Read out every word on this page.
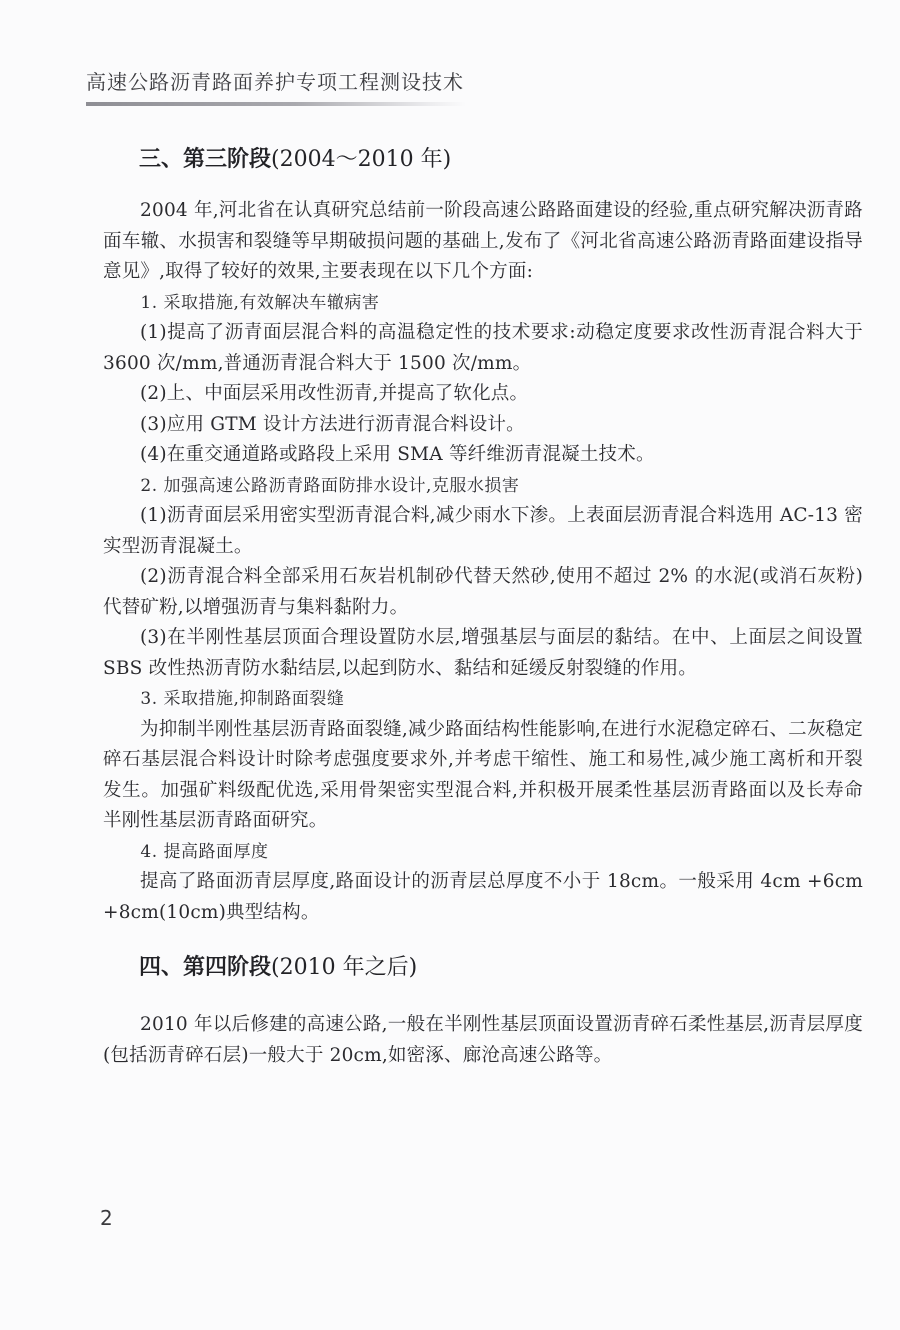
高速公路沥青路面养护专项工程测设技术
三、第三阶段(2004～2010 年)

2004 年,河北省在认真研究总结前一阶段高速公路路面建设的经验,重点研究解决沥青路面车辙、水损害和裂缝等早期破损问题的基础上,发布了《河北省高速公路沥青路面建设指导意见》,取得了较好的效果,主要表现在以下几个方面:

1. 采取措施,有效解决车辙病害

(1)提高了沥青面层混合料的高温稳定性的技术要求:动稳定度要求改性沥青混合料大于 3600 次/mm,普通沥青混合料大于 1500 次/mm。

(2)上、中面层采用改性沥青,并提高了软化点。

(3)应用 GTM 设计方法进行沥青混合料设计。

(4)在重交通道路或路段上采用 SMA 等纤维沥青混凝土技术。

2. 加强高速公路沥青路面防排水设计,克服水损害

(1)沥青面层采用密实型沥青混合料,减少雨水下渗。上表面层沥青混合料选用 AC-13 密实型沥青混凝土。

(2)沥青混合料全部采用石灰岩机制砂代替天然砂,使用不超过 2% 的水泥(或消石灰粉)代替矿粉,以增强沥青与集料黏附力。

(3)在半刚性基层顶面合理设置防水层,增强基层与面层的黏结。在中、上面层之间设置 SBS 改性热沥青防水黏结层,以起到防水、黏结和延缓反射裂缝的作用。

3. 采取措施,抑制路面裂缝

为抑制半刚性基层沥青路面裂缝,减少路面结构性能影响,在进行水泥稳定碎石、二灰稳定碎石基层混合料设计时除考虑强度要求外,并考虑干缩性、施工和易性,减少施工离析和开裂发生。加强矿料级配优选,采用骨架密实型混合料,并积极开展柔性基层沥青路面以及长寿命半刚性基层沥青路面研究。

4. 提高路面厚度

提高了路面沥青层厚度,路面设计的沥青层总厚度不小于 18cm。一般采用 4cm +6cm +8cm(10cm)典型结构。

四、第四阶段(2010 年之后)

2010 年以后修建的高速公路,一般在半刚性基层顶面设置沥青碎石柔性基层,沥青层厚度(包括沥青碎石层)一般大于 20cm,如密涿、廊沧高速公路等。

2
